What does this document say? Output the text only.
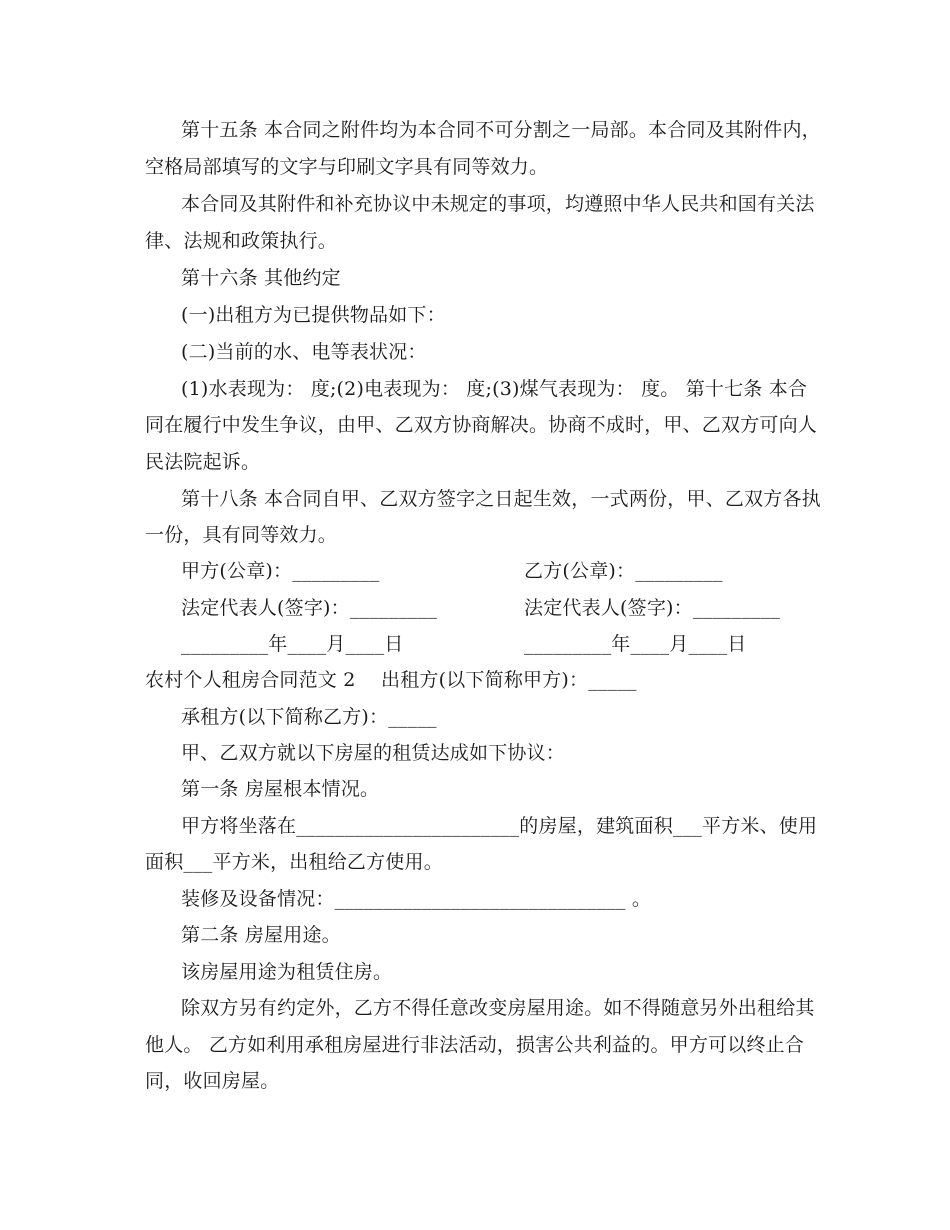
第十五条 本合同之附件均为本合同不可分割之一局部。本合同及其附件内，
空格局部填写的文字与印刷文字具有同等效力。
本合同及其附件和补充协议中未规定的事项，均遵照中华人民共和国有关法
律、法规和政策执行。
第十六条 其他约定
(一)出租方为已提供物品如下：
(二)当前的水、电等表状况：
(1)水表现为： 度;(2)电表现为： 度;(3)煤气表现为： 度。 第十七条 本合
同在履行中发生争议，由甲、乙双方协商解决。协商不成时，甲、乙双方可向人
民法院起诉。
第十八条 本合同自甲、乙双方签字之日起生效，一式两份，甲、乙双方各执
一份，具有同等效力。
甲方(公章)：_________	乙方(公章)：_________
法定代表人(签字)：_________	法定代表人(签字)：_________
_________年____月____日	_________年____月____日
农村个人租房合同范文 2 出租方(以下简称甲方)：_____
承租方(以下简称乙方)：_____
甲、乙双方就以下房屋的租赁达成如下协议：
第一条 房屋根本情况。
甲方将坐落在_______________________的房屋，建筑面积___平方米、使用
面积___平方米，出租给乙方使用。
装修及设备情况：______________________________ 。
第二条 房屋用途。
该房屋用途为租赁住房。
除双方另有约定外，乙方不得任意改变房屋用途。如不得随意另外出租给其
他人。 乙方如利用承租房屋进行非法活动，损害公共利益的。甲方可以终止合
同，收回房屋。
